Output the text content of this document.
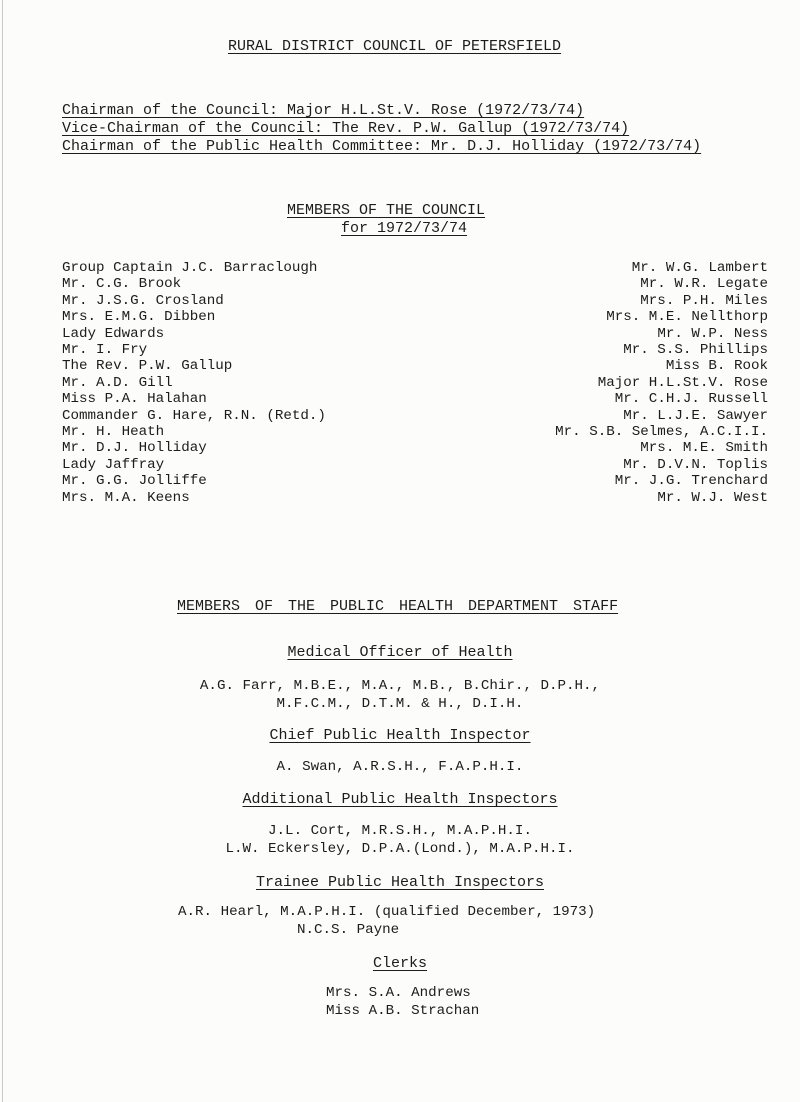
RURAL DISTRICT COUNCIL OF PETERSFIELD
Chairman of the Council: Major H.L.St.V. Rose (1972/73/74)
Vice-Chairman of the Council: The Rev. P.W. Gallup (1972/73/74)
Chairman of the Public Health Committee: Mr. D.J. Holliday (1972/73/74)
MEMBERS OF THE COUNCIL
for 1972/73/74
Group Captain J.C. Barraclough
Mr. C.G. Brook
Mr. J.S.G. Crosland
Mrs. E.M.G. Dibben
Lady Edwards
Mr. I. Fry
The Rev. P.W. Gallup
Mr. A.D. Gill
Miss P.A. Halahan
Commander G. Hare, R.N. (Retd.)
Mr. H. Heath
Mr. D.J. Holliday
Lady Jaffray
Mr. G.G. Jolliffe
Mrs. M.A. Keens
Mr. W.G. Lambert
Mr. W.R. Legate
Mrs. P.H. Miles
Mrs. M.E. Nellthorp
Mr. W.P. Ness
Mr. S.S. Phillips
Miss B. Rook
Major H.L.St.V. Rose
Mr. C.H.J. Russell
Mr. L.J.E. Sawyer
Mr. S.B. Selmes, A.C.I.I.
Mrs. M.E. Smith
Mr. D.V.N. Toplis
Mr. J.G. Trenchard
Mr. W.J. West
MEMBERS OF THE PUBLIC HEALTH DEPARTMENT STAFF
Medical Officer of Health
A.G. Farr, M.B.E., M.A., M.B., B.Chir., D.P.H.,
M.F.C.M., D.T.M. & H., D.I.H.
Chief Public Health Inspector
A. Swan, A.R.S.H., F.A.P.H.I.
Additional Public Health Inspectors
J.L. Cort, M.R.S.H., M.A.P.H.I.
L.W. Eckersley, D.P.A.(Lond.), M.A.P.H.I.
Trainee Public Health Inspectors
A.R. Hearl, M.A.P.H.I. (qualified December, 1973)
N.C.S. Payne
Clerks
Mrs. S.A. Andrews
Miss A.B. Strachan
